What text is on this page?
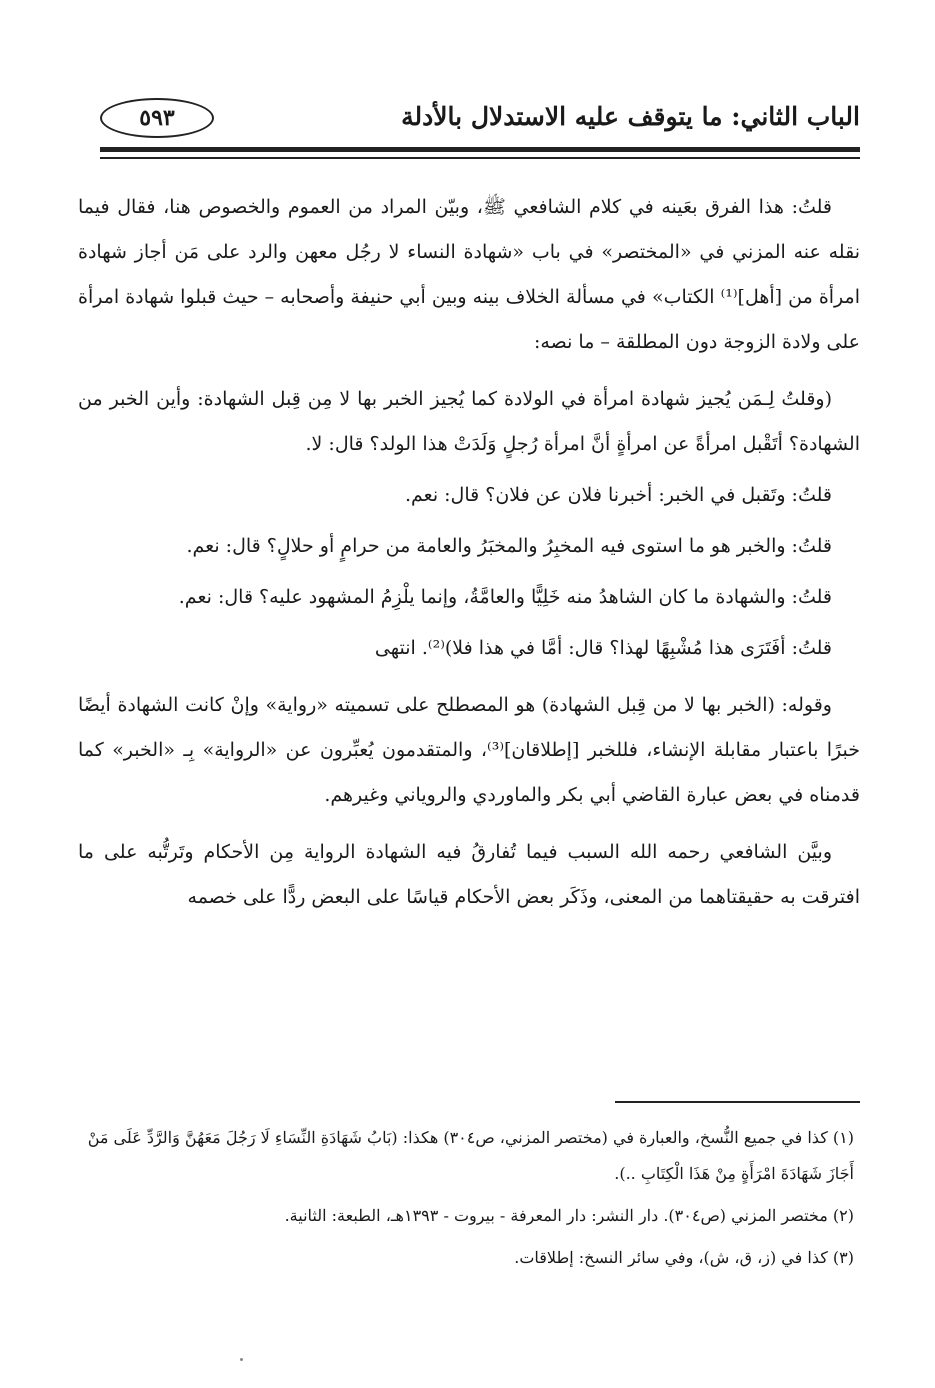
الباب الثاني: ما يتوقف عليه الاستدلال بالأدلة
٥٩٣

قلتُ: هذا الفرق بعَينه في كلام الشافعي ﷺ، وبيّن المراد من العموم والخصوص هنا، فقال فيما نقله عنه المزني في «المختصر» في باب «شهادة النساء لا رجُل معهن والرد على مَن أجاز شهادة امرأة من [أهل]⁽¹⁾ الكتاب» في مسألة الخلاف بينه وبين أبي حنيفة وأصحابه – حيث قبلوا شهادة امرأة على ولادة الزوجة دون المطلقة – ما نصه:

(وقلتُ لِـمَن يُجيز شهادة امرأة في الولادة كما يُجيز الخبر بها لا مِن قِبل الشهادة: وأين الخبر من الشهادة؟ أتَقْبل امرأةً عن امرأةٍ أنَّ امرأة رُجلٍ وَلَدَتْ هذا الولد؟ قال: لا.

قلتُ: وتَقبل في الخبر: أخبرنا فلان عن فلان؟ قال: نعم.

قلتُ: والخبر هو ما استوى فيه المخبِرُ والمخبَرُ والعامة من حرامٍ أو حلالٍ؟ قال: نعم.

قلتُ: والشهادة ما كان الشاهدُ منه خَلِيًّا والعامَّةُ، وإنما يلْزِمُ المشهود عليه؟ قال: نعم.

قلتُ: أفَتَرَى هذا مُشْبِهًا لهذا؟ قال: أمَّا في هذا فلا)⁽²⁾. انتهى

وقوله: (الخبر بها لا من قِبل الشهادة) هو المصطلح على تسميته «رواية» وإنْ كانت الشهادة أيضًا خبرًا باعتبار مقابلة الإنشاء، فللخبر [إطلاقان]⁽³⁾، والمتقدمون يُعبِّرون عن «الرواية» بِـ «الخبر» كما قدمناه في بعض عبارة القاضي أبي بكر والماوردي والروياني وغيرهم.

وبيَّن الشافعي رحمه الله السبب فيما تُفارقُ فيه الشهادة الرواية مِن الأحكام وتَرتُّبه على ما افترقت به حقيقتاهما من المعنى، وذَكَر بعض الأحكام قياسًا على البعض ردًّا على خصمه

(١) كذا في جميع النُّسخ، والعبارة في (مختصر المزني، ص٣٠٤) هكذا: (بَابُ شَهَادَةِ النِّسَاءِ لَا رَجُلَ مَعَهُنَّ وَالرَّدِّ عَلَى مَنْ أَجَازَ شَهَادَةَ امْرَأَةٍ مِنْ هَذَا الْكِتَابِ ..).

(٢) مختصر المزني (ص٣٠٤). دار النشر: دار المعرفة - بيروت - ١٣٩٣هـ، الطبعة: الثانية.

(٣) كذا في (ز، ق، ش)، وفي سائر النسخ: إطلاقات.
